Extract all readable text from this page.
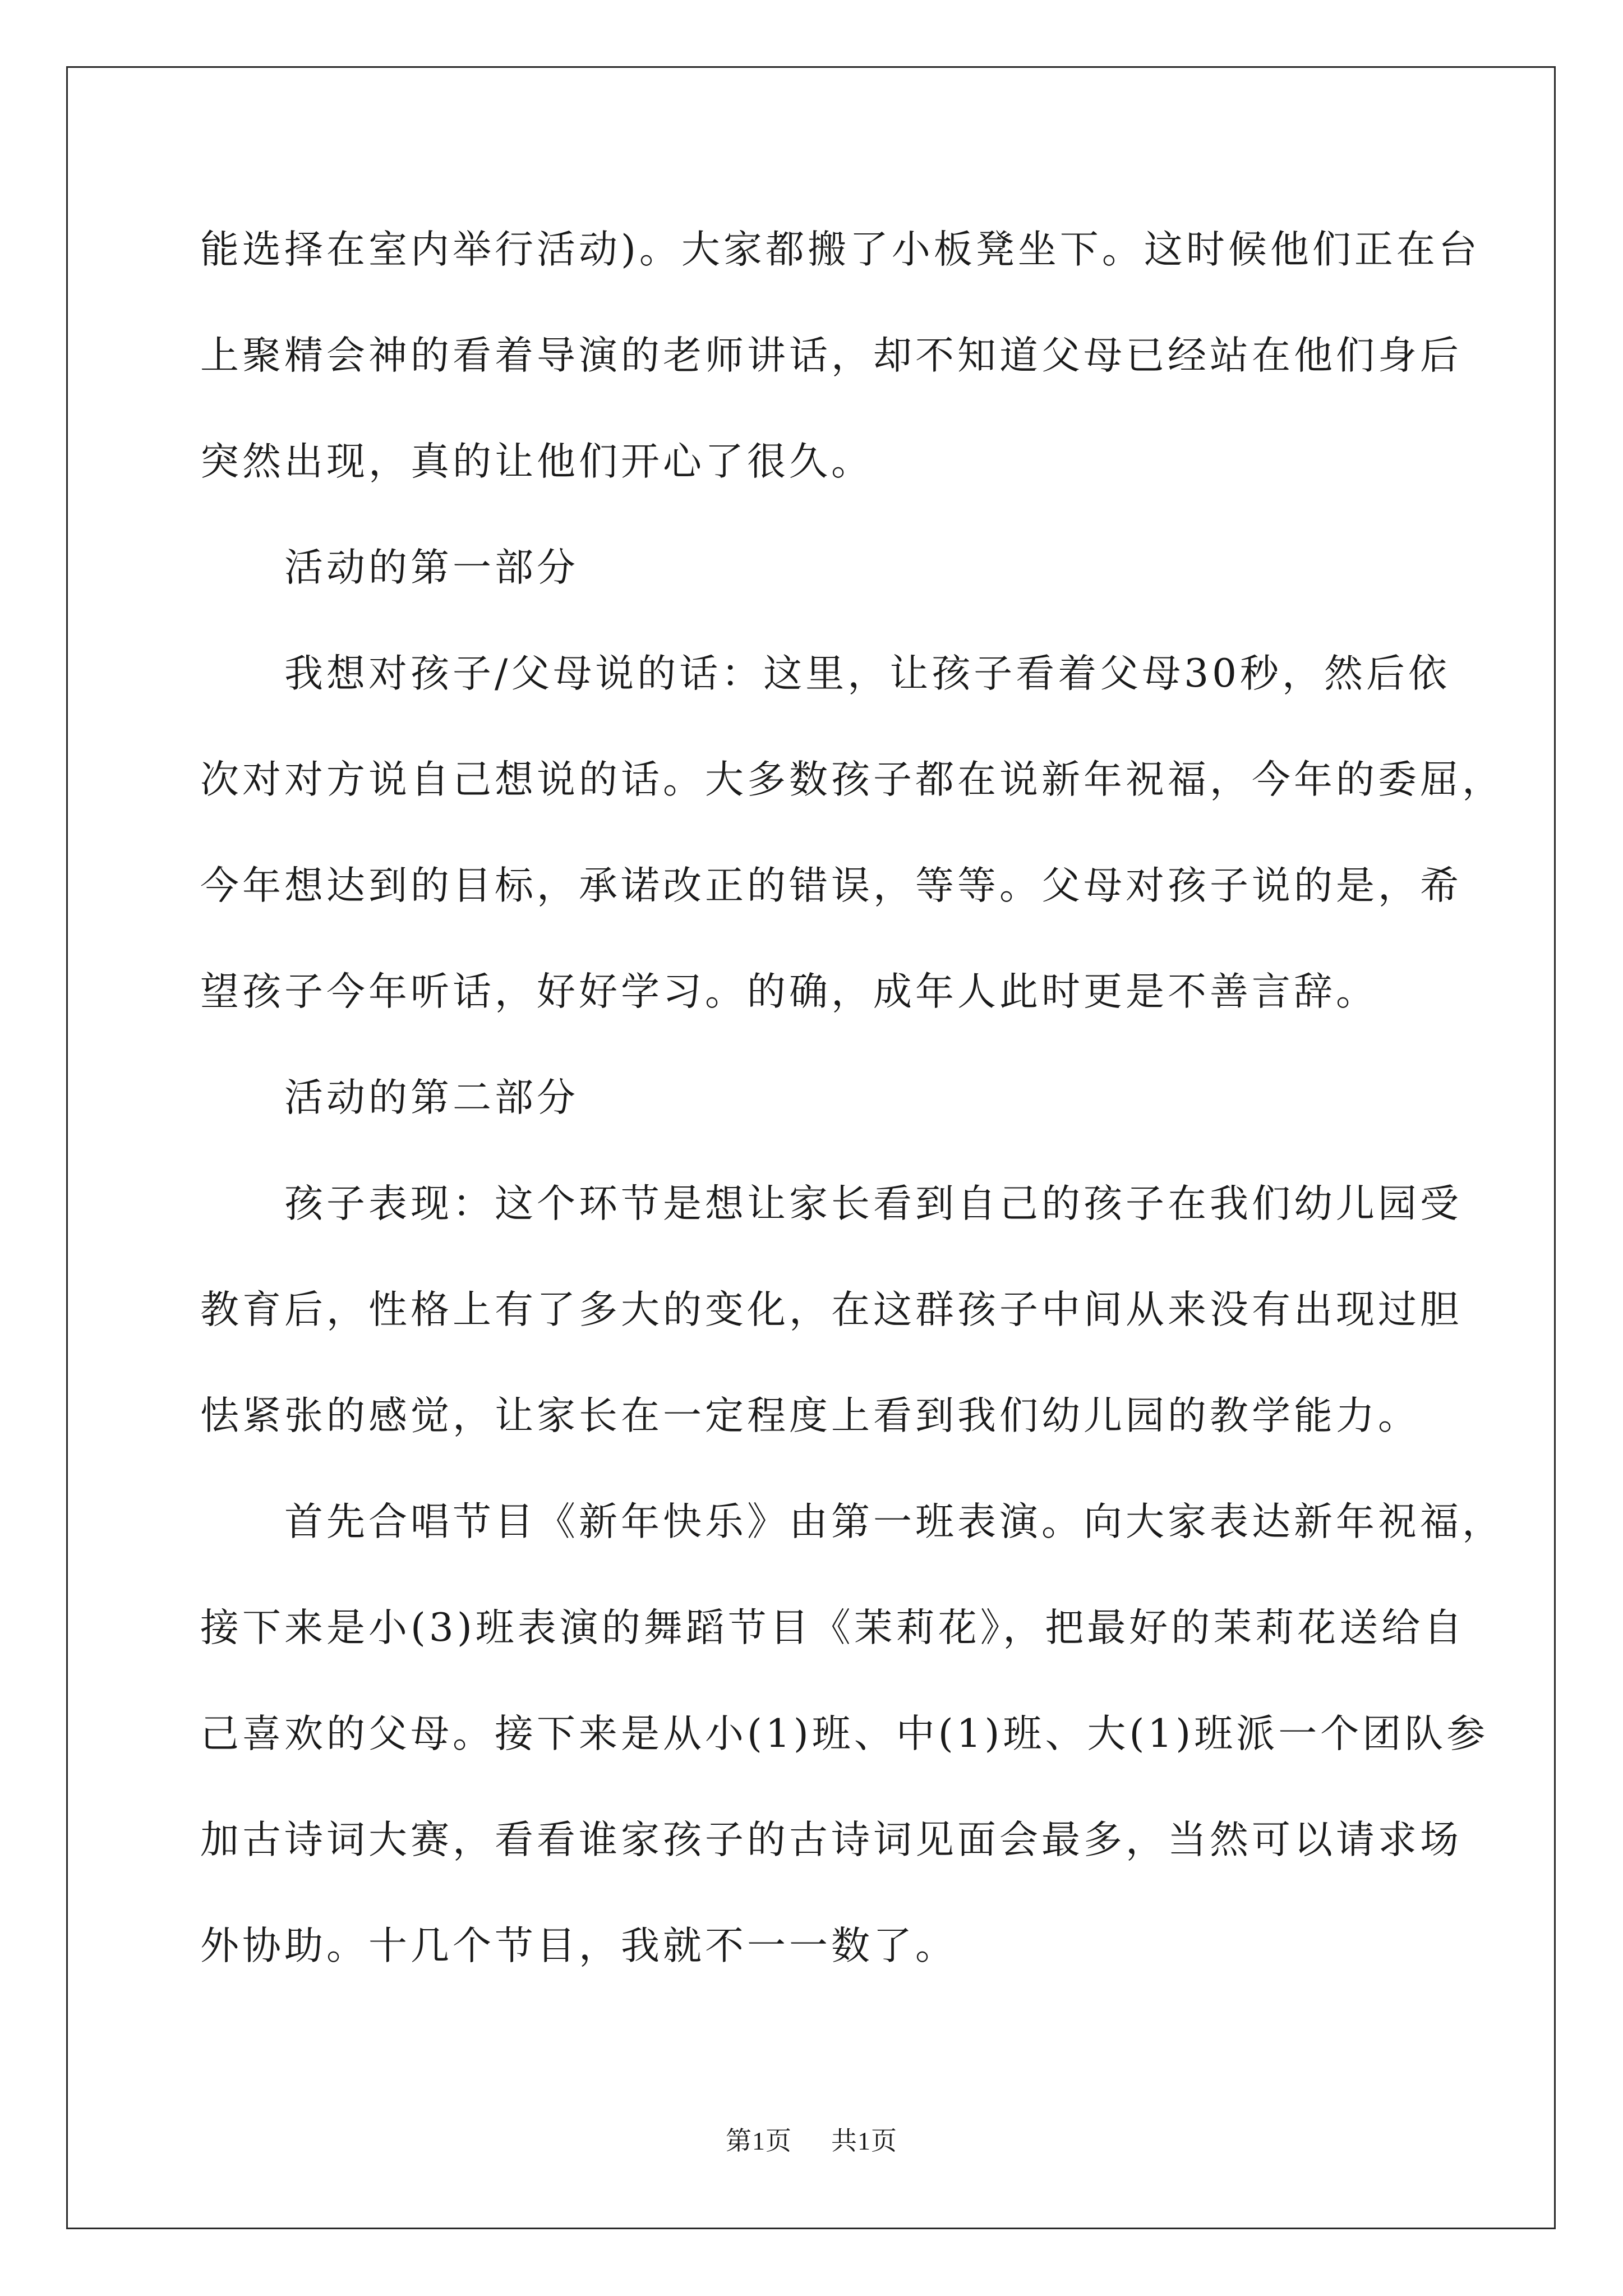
能选择在室内举行活动)。大家都搬了小板凳坐下。这时候他们正在台
上聚精会神的看着导演的老师讲话，却不知道父母已经站在他们身后
突然出现，真的让他们开心了很久。
活动的第一部分
我想对孩子/父母说的话：这里，让孩子看着父母30秒，然后依
次对对方说自己想说的话。大多数孩子都在说新年祝福，今年的委屈，
今年想达到的目标，承诺改正的错误，等等。父母对孩子说的是，希
望孩子今年听话，好好学习。的确，成年人此时更是不善言辞。
活动的第二部分
孩子表现：这个环节是想让家长看到自己的孩子在我们幼儿园受
教育后，性格上有了多大的变化，在这群孩子中间从来没有出现过胆
怯紧张的感觉，让家长在一定程度上看到我们幼儿园的教学能力。
首先合唱节目《新年快乐》由第一班表演。向大家表达新年祝福，
接下来是小(3)班表演的舞蹈节目《茉莉花》，把最好的茉莉花送给自
己喜欢的父母。接下来是从小(1)班、中(1)班、大(1)班派一个团队参
加古诗词大赛，看看谁家孩子的古诗词见面会最多，当然可以请求场
外协助。十几个节目，我就不一一数了。
第1页 共1页
